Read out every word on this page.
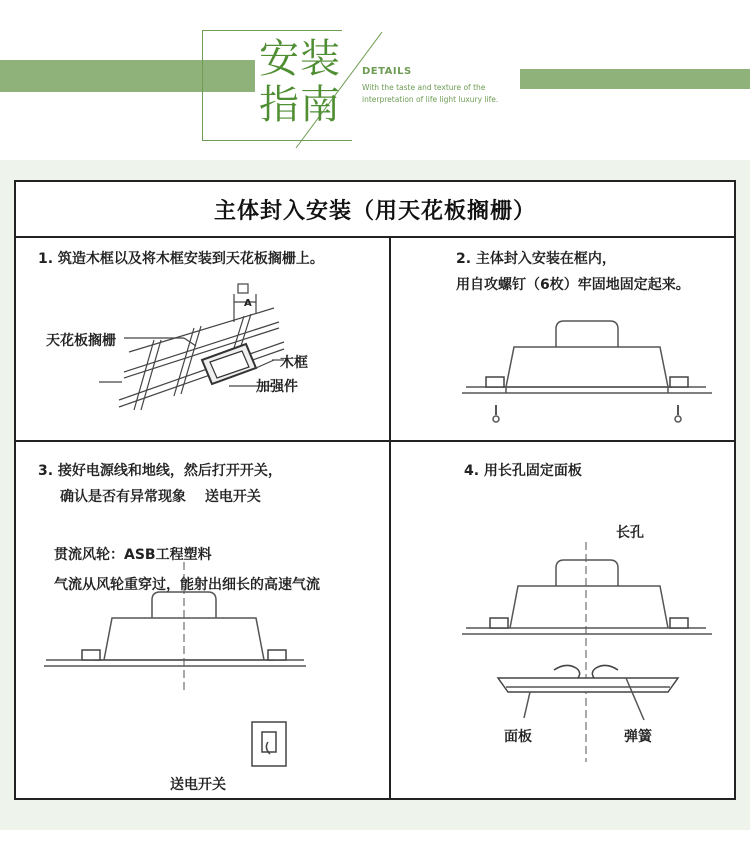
安装
指南
DETAILS
With the taste and texture of the interpretation of life light luxury life.
主体封入安装（用天花板搁栅）
1. 筑造木框以及将木框安装到天花板搁栅上。
A
天花板搁栅
木框
加强件
2. 主体封入安装在框内，
用自攻螺钉（6枚）牢固地固定起来。
3. 接好电源线和地线，然后打开开关，
确认是否有异常现象　 送电开关
贯流风轮：ASB工程塑料
气流从风轮重穿过，能射出细长的高速气流
送电开关
4. 用长孔固定面板
长孔
面板	弹簧
